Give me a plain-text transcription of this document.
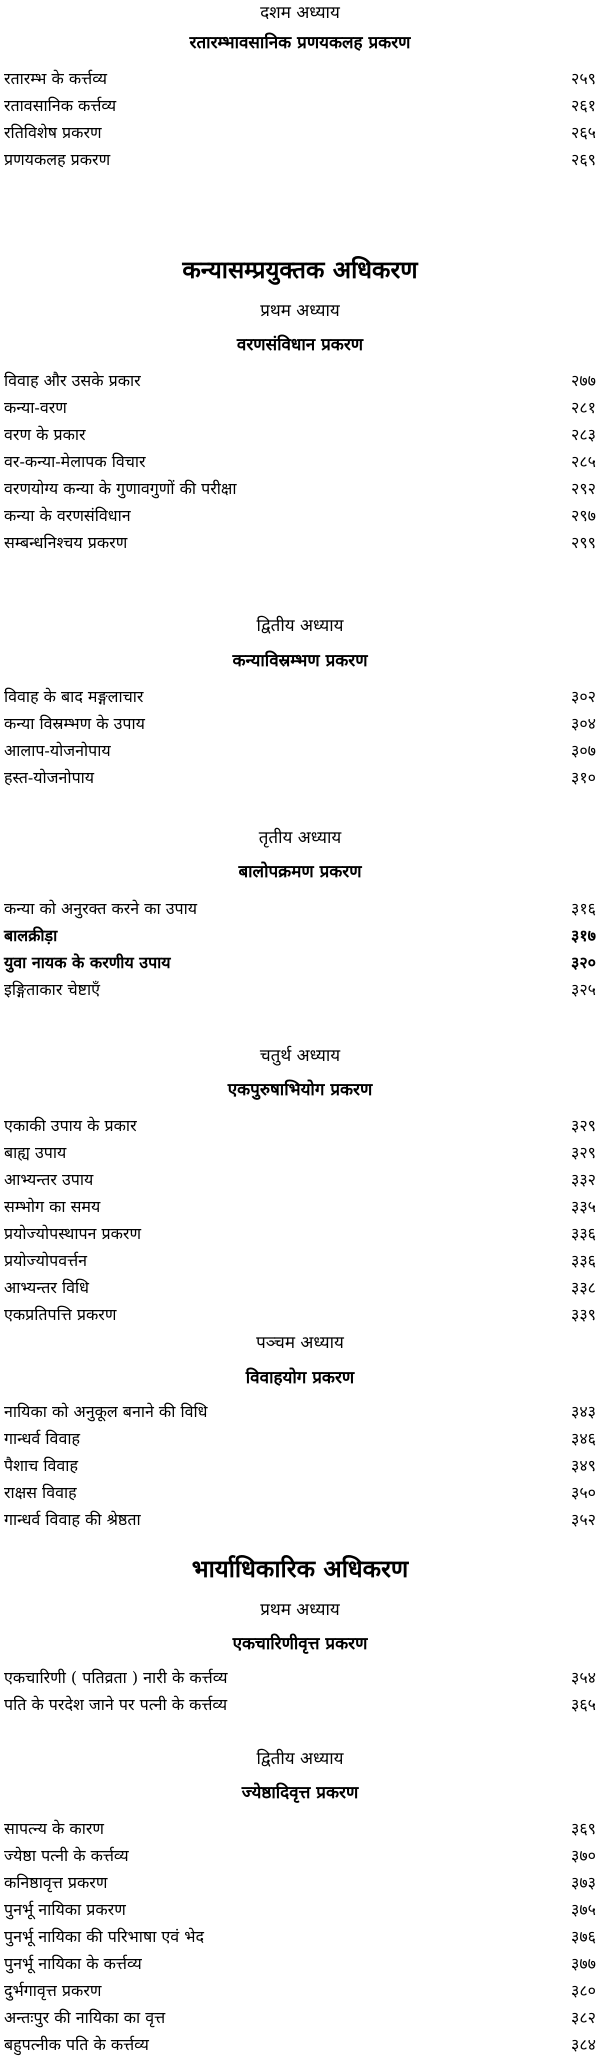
दशम अध्याय
रतारम्भावसानिक प्रणयकलह प्रकरण
रतारम्भ के कर्त्तव्य	२५९
रतावसानिक कर्त्तव्य	२६१
रतिविशेष प्रकरण	२६५
प्रणयकलह प्रकरण	२६९
कन्यासम्प्रयुक्तक अधिकरण
प्रथम अध्याय
वरणसंविधान प्रकरण
विवाह और उसके प्रकार	२७७
कन्या-वरण	२८१
वरण के प्रकार	२८३
वर-कन्या-मेलापक विचार	२८५
वरणयोग्य कन्या के गुणावगुणों की परीक्षा	२९२
कन्या के वरणसंविधान	२९७
सम्बन्धनिश्चय प्रकरण	२९९
द्वितीय अध्याय
कन्याविस्रम्भण प्रकरण
विवाह के बाद मङ्गलाचार	३०२
कन्या विस्रम्भण के उपाय	३०४
आलाप-योजनोपाय	३०७
हस्त-योजनोपाय	३१०
तृतीय अध्याय
बालोपक्रमण प्रकरण
कन्या को अनुरक्त करने का उपाय	३१६
बालक्रीड़ा	३१७
युवा नायक के करणीय उपाय	३२०
इङ्गिताकार चेष्टाएँ	३२५
चतुर्थ अध्याय
एकपुरुषाभियोग प्रकरण
एकाकी उपाय के प्रकार	३२९
बाह्य उपाय	३२९
आभ्यन्तर उपाय	३३२
सम्भोग का समय	३३५
प्रयोज्योपस्थापन प्रकरण	३३६
प्रयोज्योपवर्त्तन	३३६
आभ्यन्तर विधि	३३८
एकप्रतिपत्ति प्रकरण	३३९
पञ्चम अध्याय
विवाहयोग प्रकरण
नायिका को अनुकूल बनाने की विधि	३४३
गान्धर्व विवाह	३४६
पैशाच विवाह	३४९
राक्षस विवाह	३५०
गान्धर्व विवाह की श्रेष्ठता	३५२
भार्याधिकारिक अधिकरण
प्रथम अध्याय
एकचारिणीवृत्त प्रकरण
एकचारिणी ( पतिव्रता ) नारी के कर्त्तव्य	३५४
पति के परदेश जाने पर पत्नी के कर्त्तव्य	३६५
द्वितीय अध्याय
ज्येष्ठादिवृत्त प्रकरण
सापत्न्य के कारण	३६९
ज्येष्ठा पत्नी के कर्त्तव्य	३७०
कनिष्ठावृत्त प्रकरण	३७३
पुनर्भू नायिका प्रकरण	३७५
पुनर्भू नायिका की परिभाषा एवं भेद	३७६
पुनर्भू नायिका के कर्त्तव्य	३७७
दुर्भगावृत्त प्रकरण	३८०
अन्तःपुर की नायिका का वृत्त	३८२
बहुपत्नीक पति के कर्त्तव्य	३८४
